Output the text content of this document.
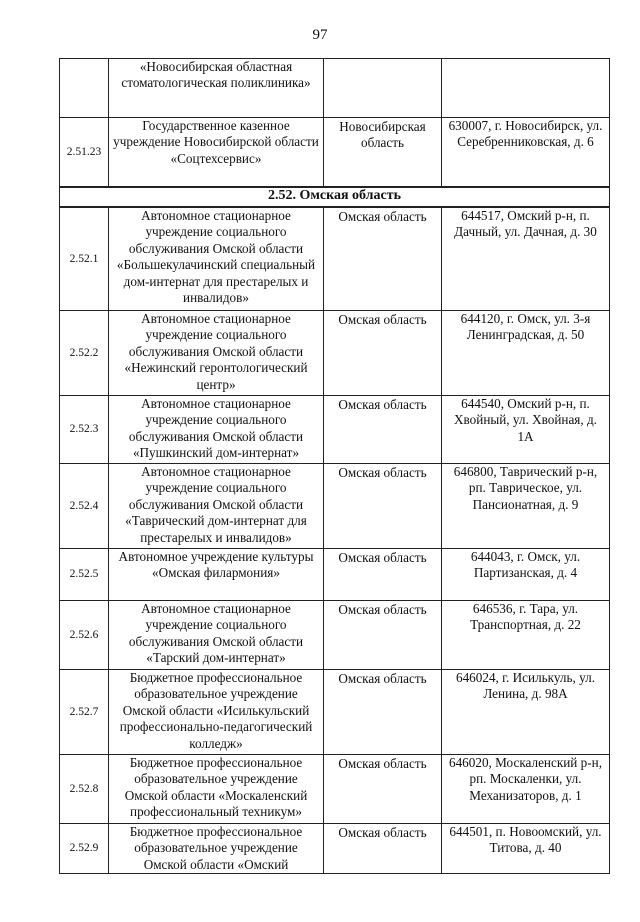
97
	«Новосибирская областная стоматологическая поликлиника»		
2.51.23	Государственное казенное учреждение Новосибирской области «Соцтехсервис»	Новосибирская область	630007, г. Новосибирск, ул. Серебренниковская, д. 6
2.52. Омская область			
2.52.1	Автономное стационарное учреждение социального обслуживания Омской области «Большекулачинский специальный дом-интернат для престарелых и инвалидов»	Омская область	644517, Омский р-н, п. Дачный, ул. Дачная, д. 30
2.52.2	Автономное стационарное учреждение социального обслуживания Омской области «Нежинский геронтологический центр»	Омская область	644120, г. Омск, ул. 3-я Ленинградская, д. 50
2.52.3	Автономное стационарное учреждение социального обслуживания Омской области «Пушкинский дом-интернат»	Омская область	644540, Омский р-н, п. Хвойный, ул. Хвойная, д. 1А
2.52.4	Автономное стационарное учреждение социального обслуживания Омской области «Таврический дом-интернат для престарелых и инвалидов»	Омская область	646800, Таврический р-н, рп. Таврическое, ул. Пансионатная, д. 9
2.52.5	Автономное учреждение культуры «Омская филармония»	Омская область	644043, г. Омск, ул. Партизанская, д. 4
2.52.6	Автономное стационарное учреждение социального обслуживания Омской области «Тарский дом-интернат»	Омская область	646536, г. Тара, ул. Транспортная, д. 22
2.52.7	Бюджетное профессиональное образовательное учреждение Омской области «Исилькульский профессионально-педагогический колледж»	Омская область	646024, г. Исилькуль, ул. Ленина, д. 98А
2.52.8	Бюджетное профессиональное образовательное учреждение Омской области «Москаленский профессиональный техникум»	Омская область	646020, Москаленский р-н, рп. Москаленки, ул. Механизаторов, д. 1
2.52.9	Бюджетное профессиональное образовательное учреждение Омской области «Омский	Омская область	644501, п. Новоомский, ул. Титова, д. 40
